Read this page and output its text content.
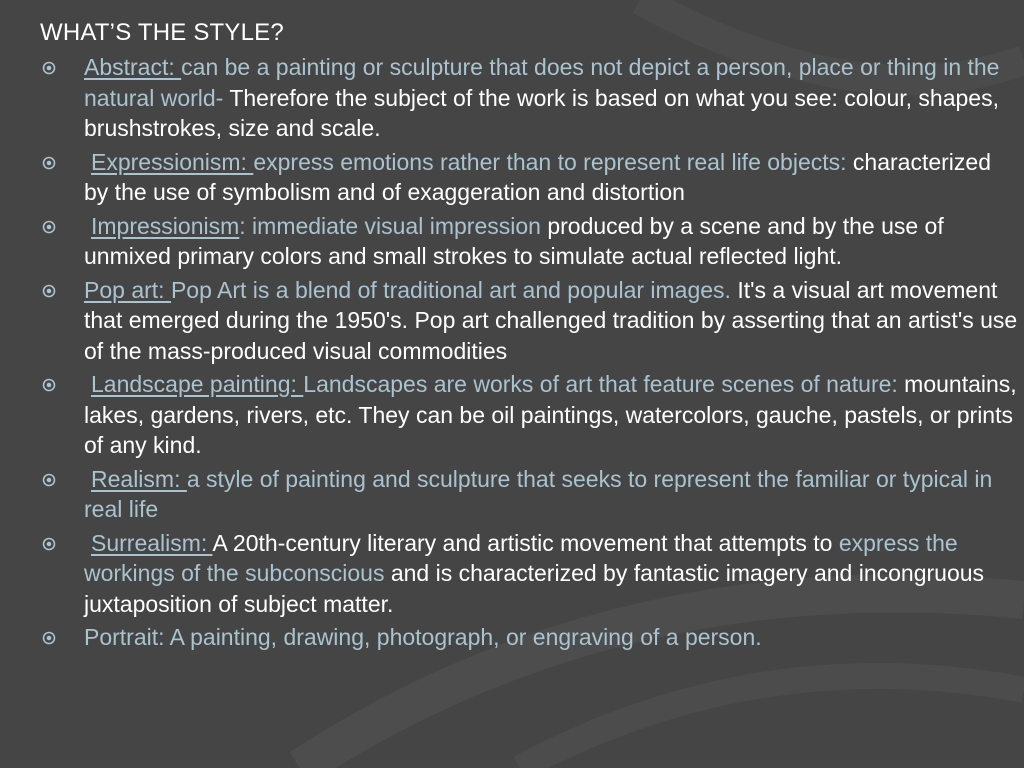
WHAT’S THE STYLE?
Abstract: can be a painting or sculpture that does not depict a person, place or thing in the natural world- Therefore the subject of the work is based on what you see: colour, shapes, brushstrokes, size and scale.
Expressionism: express emotions rather than to represent real life objects: characterized by the use of symbolism and of exaggeration and distortion
Impressionism: immediate visual impression produced by a scene and by the use of unmixed primary colors and small strokes to simulate actual reflected light.
Pop art: Pop Art is a blend of traditional art and popular images. It's a visual art movement that emerged during the 1950's. Pop art challenged tradition by asserting that an artist's use of the mass-produced visual commodities
Landscape painting: Landscapes are works of art that feature scenes of nature: mountains, lakes, gardens, rivers, etc. They can be oil paintings, watercolors, gauche, pastels, or prints of any kind.
Realism: a style of painting and sculpture that seeks to represent the familiar or typical in real life
Surrealism: A 20th-century literary and artistic movement that attempts to express the workings of the subconscious and is characterized by fantastic imagery and incongruous juxtaposition of subject matter.
Portrait: A painting, drawing, photograph, or engraving of a person.
